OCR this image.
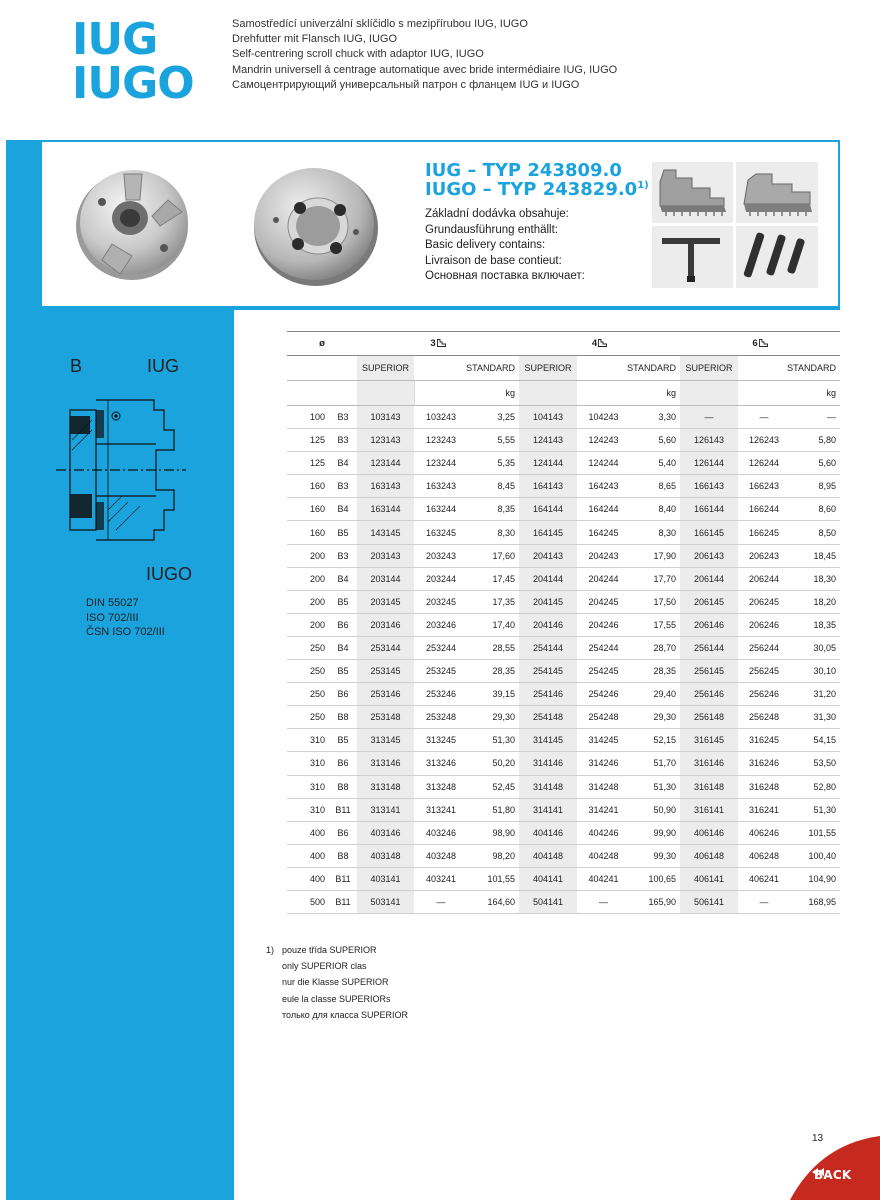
IUG
IUGO
Samostředící univerzální sklíčidlo s mezipřírubou IUG, IUGO
Drehfutter mit Flansch IUG, IUGO
Self-centrering scroll chuck with adaptor IUG, IUGO
Mandrin universell á centrage automatique avec bride intermédiaire IUG, IUGO
Самоцентрирующий универсальный патрон с фланцем IUG и IUGO
IUG – TYP 243809.0
IUGO – TYP 243829.0$^{1)}$
Základní dodávka obsahuje:
Grundausführung enthällt:
Basic delivery contains:
Livraison de base contieut:
Основная поставка включает:
B	IUG
IUGO
DIN 55027
ISO 702/III
ČSN ISO 702/III
ø		3			4			6		
		SUPERIOR	STANDARD		SUPERIOR	STANDARD		SUPERIOR	STANDARD	
				kg			kg			kg
100	B3	103143	103243	3,25	104143	104243	3,30	—	—	—
125	B3	123143	123243	5,55	124143	124243	5,60	126143	126243	5,80
125	B4	123144	123244	5,35	124144	124244	5,40	126144	126244	5,60
160	B3	163143	163243	8,45	164143	164243	8,65	166143	166243	8,95
160	B4	163144	163244	8,35	164144	164244	8,40	166144	166244	8,60
160	B5	143145	163245	8,30	164145	164245	8,30	166145	166245	8,50
200	B3	203143	203243	17,60	204143	204243	17,90	206143	206243	18,45
200	B4	203144	203244	17,45	204144	204244	17,70	206144	206244	18,30
200	B5	203145	203245	17,35	204145	204245	17,50	206145	206245	18,20
200	B6	203146	203246	17,40	204146	204246	17,55	206146	206246	18,35
250	B4	253144	253244	28,55	254144	254244	28,70	256144	256244	30,05
250	B5	253145	253245	28,35	254145	254245	28,35	256145	256245	30,10
250	B6	253146	253246	39,15	254146	254246	29,40	256146	256246	31,20
250	B8	253148	253248	29,30	254148	254248	29,30	256148	256248	31,30
310	B5	313145	313245	51,30	314145	314245	52,15	316145	316245	54,15
310	B6	313146	313246	50,20	314146	314246	51,70	316146	316246	53,50
310	B8	313148	313248	52,45	314148	314248	51,30	316148	316248	52,80
310	B11	313141	313241	51,80	314141	314241	50,90	316141	316241	51,30
400	B6	403146	403246	98,90	404146	404246	99,90	406146	406246	101,55
400	B8	403148	403248	98,20	404148	404248	99,30	406148	406248	100,40
400	B11	403141	403241	101,55	404141	404241	100,65	406141	406241	104,90
500	B11	503141	—	164,60	504141	—	165,90	506141	—	168,95
1) pouze třída SUPERIOR
only SUPERIOR clas
nur die Klasse SUPERIOR
eule la classe SUPERIORs
только для класса SUPERIOR
13
BACK
